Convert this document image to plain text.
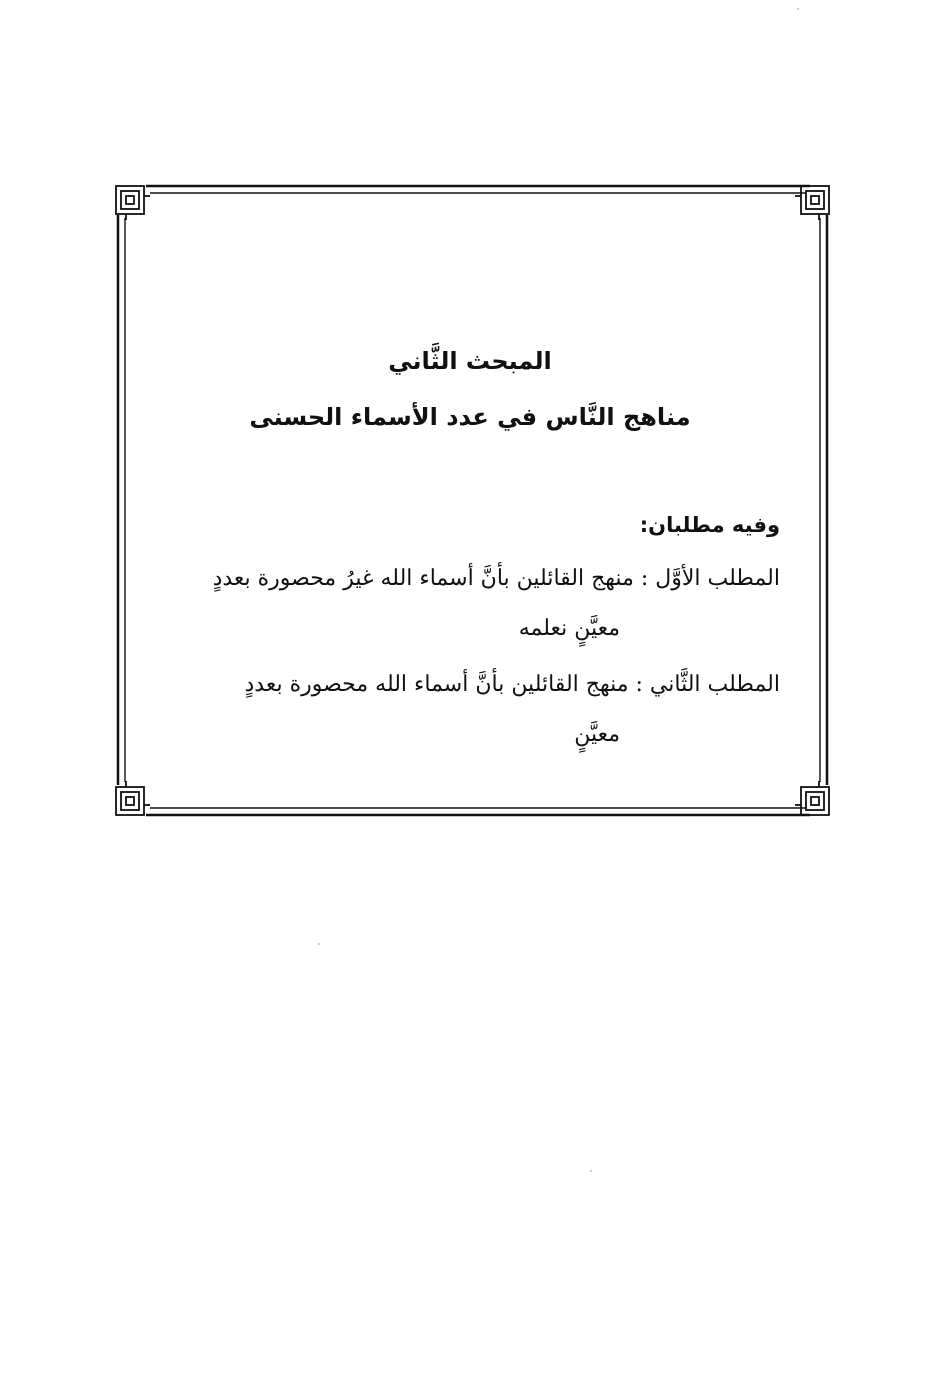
المبحث الثَّاني
مناهج النَّاس في عدد الأسماء الحسنى
وفيه مطلبان:
المطلب الأوَّل : منهج القائلين بأنَّ أسماء الله غيرُ محصورة بعددٍ
معيَّنٍ نعلمه
المطلب الثَّاني : منهج القائلين بأنَّ أسماء الله محصورة بعددٍ
معيَّنٍ
